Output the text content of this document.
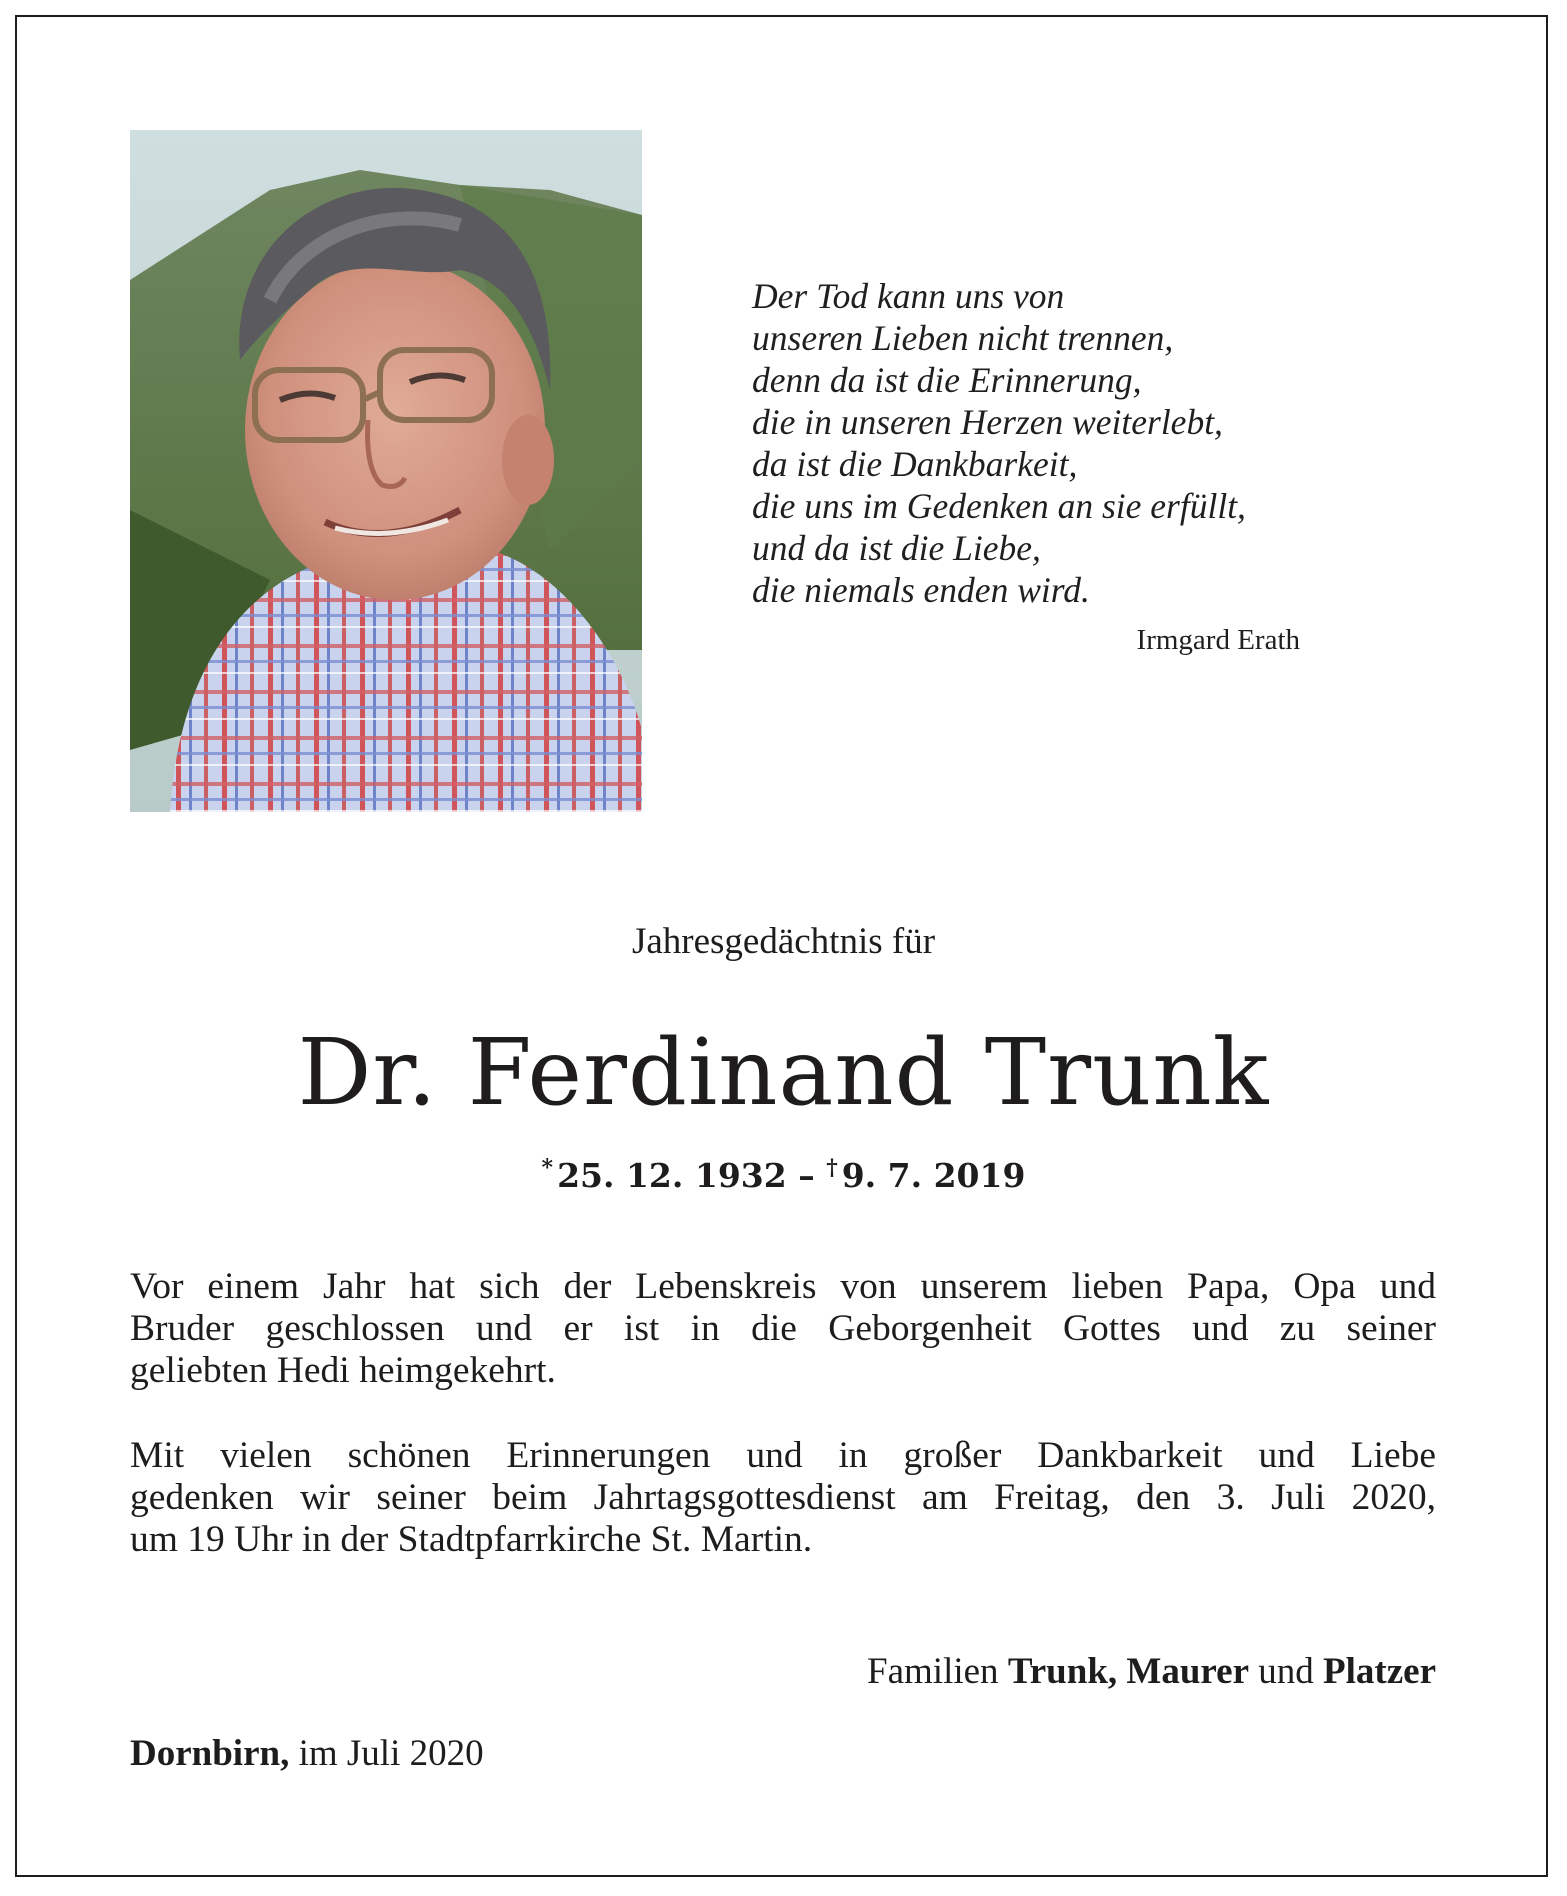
Der Tod kann uns von
unseren Lieben nicht trennen,
denn da ist die Erinnerung,
die in unseren Herzen weiterlebt,
da ist die Dankbarkeit,
die uns im Gedenken an sie erfüllt,
und da ist die Liebe,
die niemals enden wird.
Irmgard Erath
Jahresgedächtnis für
Dr. Ferdinand Trunk
* 25. 12. 1932 – † 9. 7. 2019
Vor einem Jahr hat sich der Lebenskreis von unserem lieben Papa, Opa und
Bruder geschlossen und er ist in die Geborgenheit Gottes und zu seiner
geliebten Hedi heimgekehrt.
Mit vielen schönen Erinnerungen und in großer Dankbarkeit und Liebe
gedenken wir seiner beim Jahrtagsgottesdienst am Freitag, den 3. Juli 2020,
um 19 Uhr in der Stadtpfarrkirche St. Martin.
Familien Trunk, Maurer und Platzer
Dornbirn, im Juli 2020
